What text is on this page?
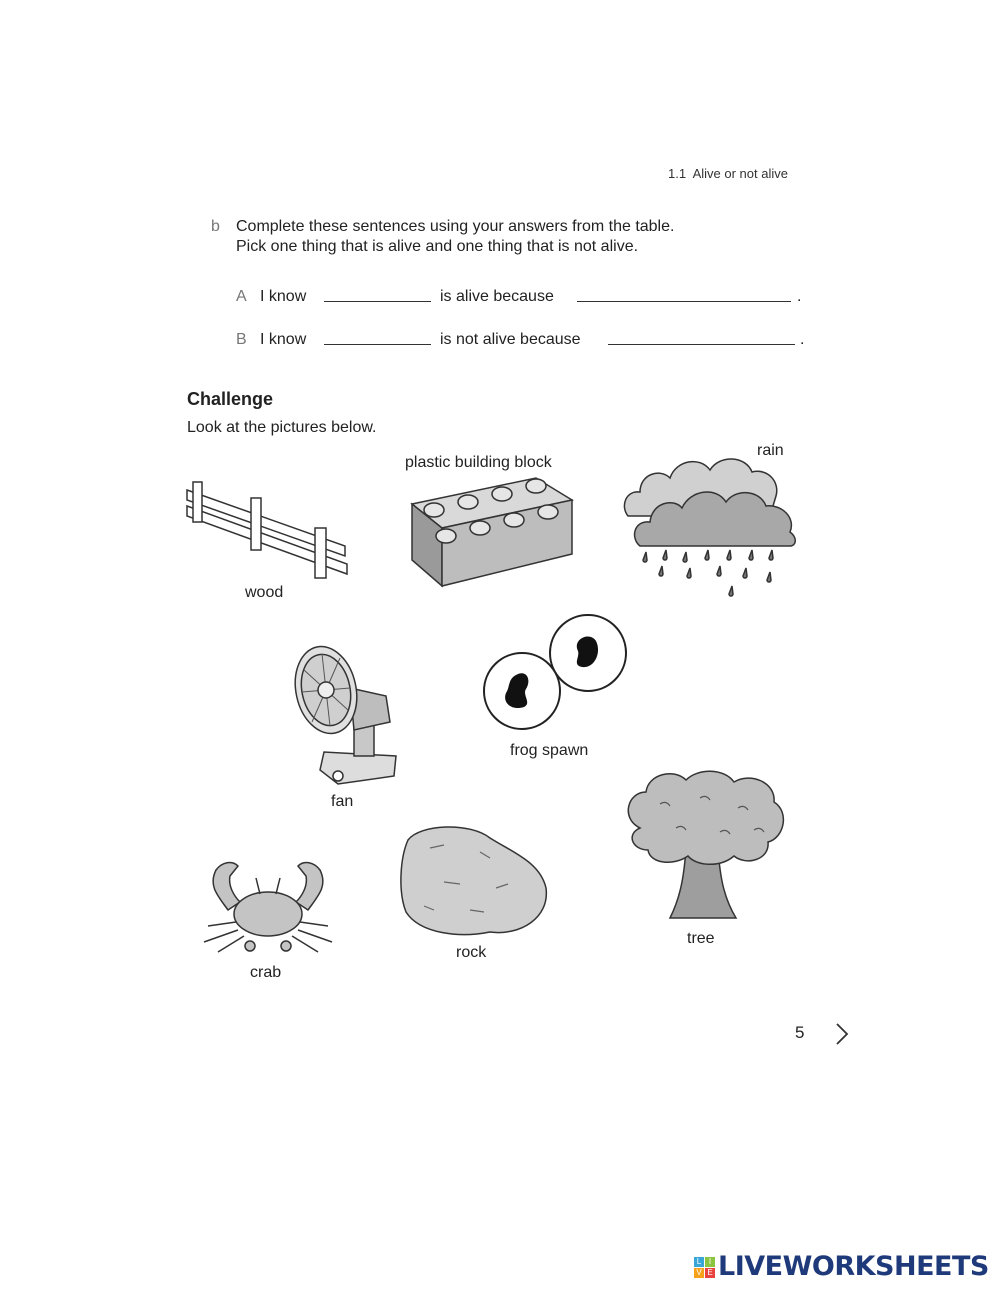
1.1 Alive or not alive
b Complete these sentences using your answers from the table.
Pick one thing that is alive and one thing that is not alive.
A I know	is alive because	.
B I know	is not alive because	.
Challenge
Look at the pictures below.
wood
plastic building block
rain
fan
frog spawn
tree
crab
rock
5
L I
V E LIVEWORKSHEETS
